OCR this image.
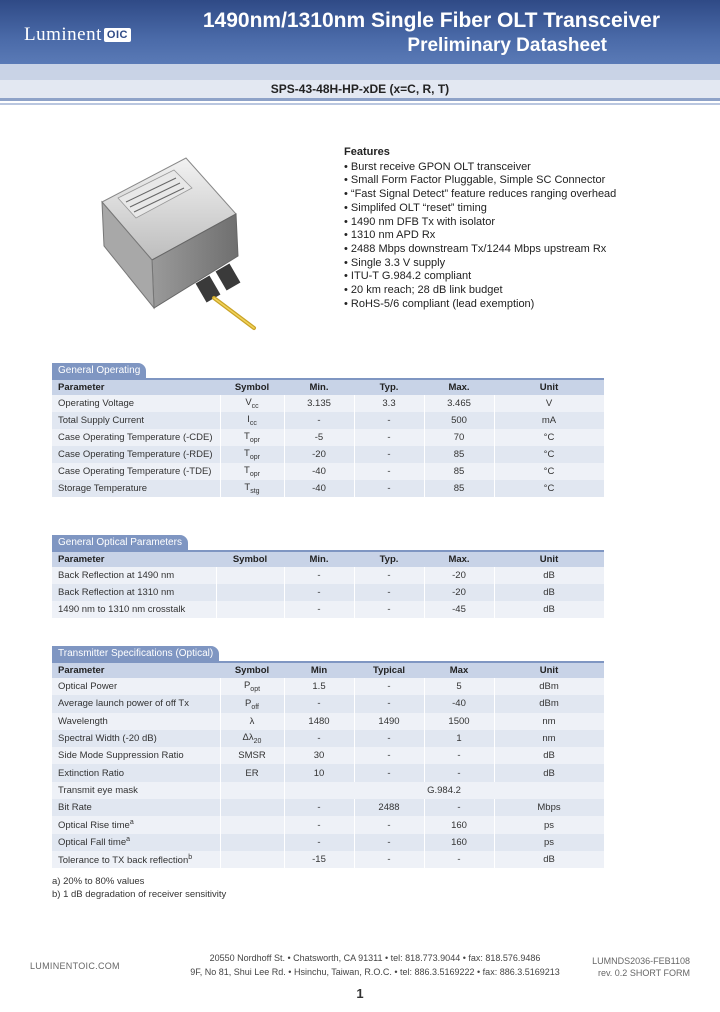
Luminent OIC
1490nm/1310nm Single Fiber OLT Transceiver
Preliminary Datasheet
SPS-43-48H-HP-xDE (x=C, R, T)
Features
• Burst receive GPON OLT transceiver
• Small Form Factor Pluggable, Simple SC Connector
• “Fast Signal Detect” feature reduces ranging overhead
• Simplifed OLT “reset” timing
• 1490 nm DFB Tx with isolator
• 1310 nm APD Rx
• 2488 Mbps downstream Tx/1244 Mbps upstream Rx
• Single 3.3 V supply
• ITU-T G.984.2 compliant
• 20 km reach; 28 dB link budget
• RoHS-5/6 compliant (lead exemption)
General Operating
Parameter	Symbol	Min.	Typ.	Max.	Unit
Operating Voltage	$V_{cc}$	3.135	3.3	3.465	V
Total Supply Current	$I_{cc}$	-	-	500	mA
Case Operating Temperature (-CDE)	$T_{opr}$	-5	-	70	°C
Case Operating Temperature (-RDE)	$T_{opr}$	-20	-	85	°C
Case Operating Temperature (-TDE)	$T_{opr}$	-40	-	85	°C
Storage Temperature	$T_{stg}$	-40	-	85	°C
General Optical Parameters
Parameter	Symbol	Min.	Typ.	Max.	Unit
Back Reflection at 1490 nm		-	-	-20	dB
Back Reflection at 1310 nm		-	-	-20	dB
1490 nm to 1310 nm crosstalk		-	-	-45	dB
Transmitter Specifications (Optical)
Parameter	Symbol	Min	Typical	Max	Unit
Optical Power	$P_{opt}$	1.5	-	5	dBm
Average launch power of off Tx	$P_{off}$	-	-	-40	dBm
Wavelength	λ	1480	1490	1500	nm
Spectral Width (-20 dB)	$\Delta\lambda_{20}$	-	-	1	nm
Side Mode Suppression Ratio	SMSR	30	-	-	dB
Extinction Ratio	ER	10	-	-	dB
Transmit eye mask		G.984.2			
Bit Rate		-	2488	-	Mbps
Optical Rise time$^a$		-	-	160	ps
Optical Fall time$^a$		-	-	160	ps
Tolerance to TX back reflection$^b$		-15	-	-	dB
a) 20% to 80% values
b) 1 dB degradation of receiver sensitivity
LUMINENTOIC.COM
20550 Nordhoff St. • Chatsworth, CA 91311 • tel: 818.773.9044 • fax: 818.576.9486
9F, No 81, Shui Lee Rd. • Hsinchu, Taiwan, R.O.C. • tel: 886.3.5169222 • fax: 886.3.5169213
LUMNDS2036-FEB1108
rev. 0.2 SHORT FORM
1
